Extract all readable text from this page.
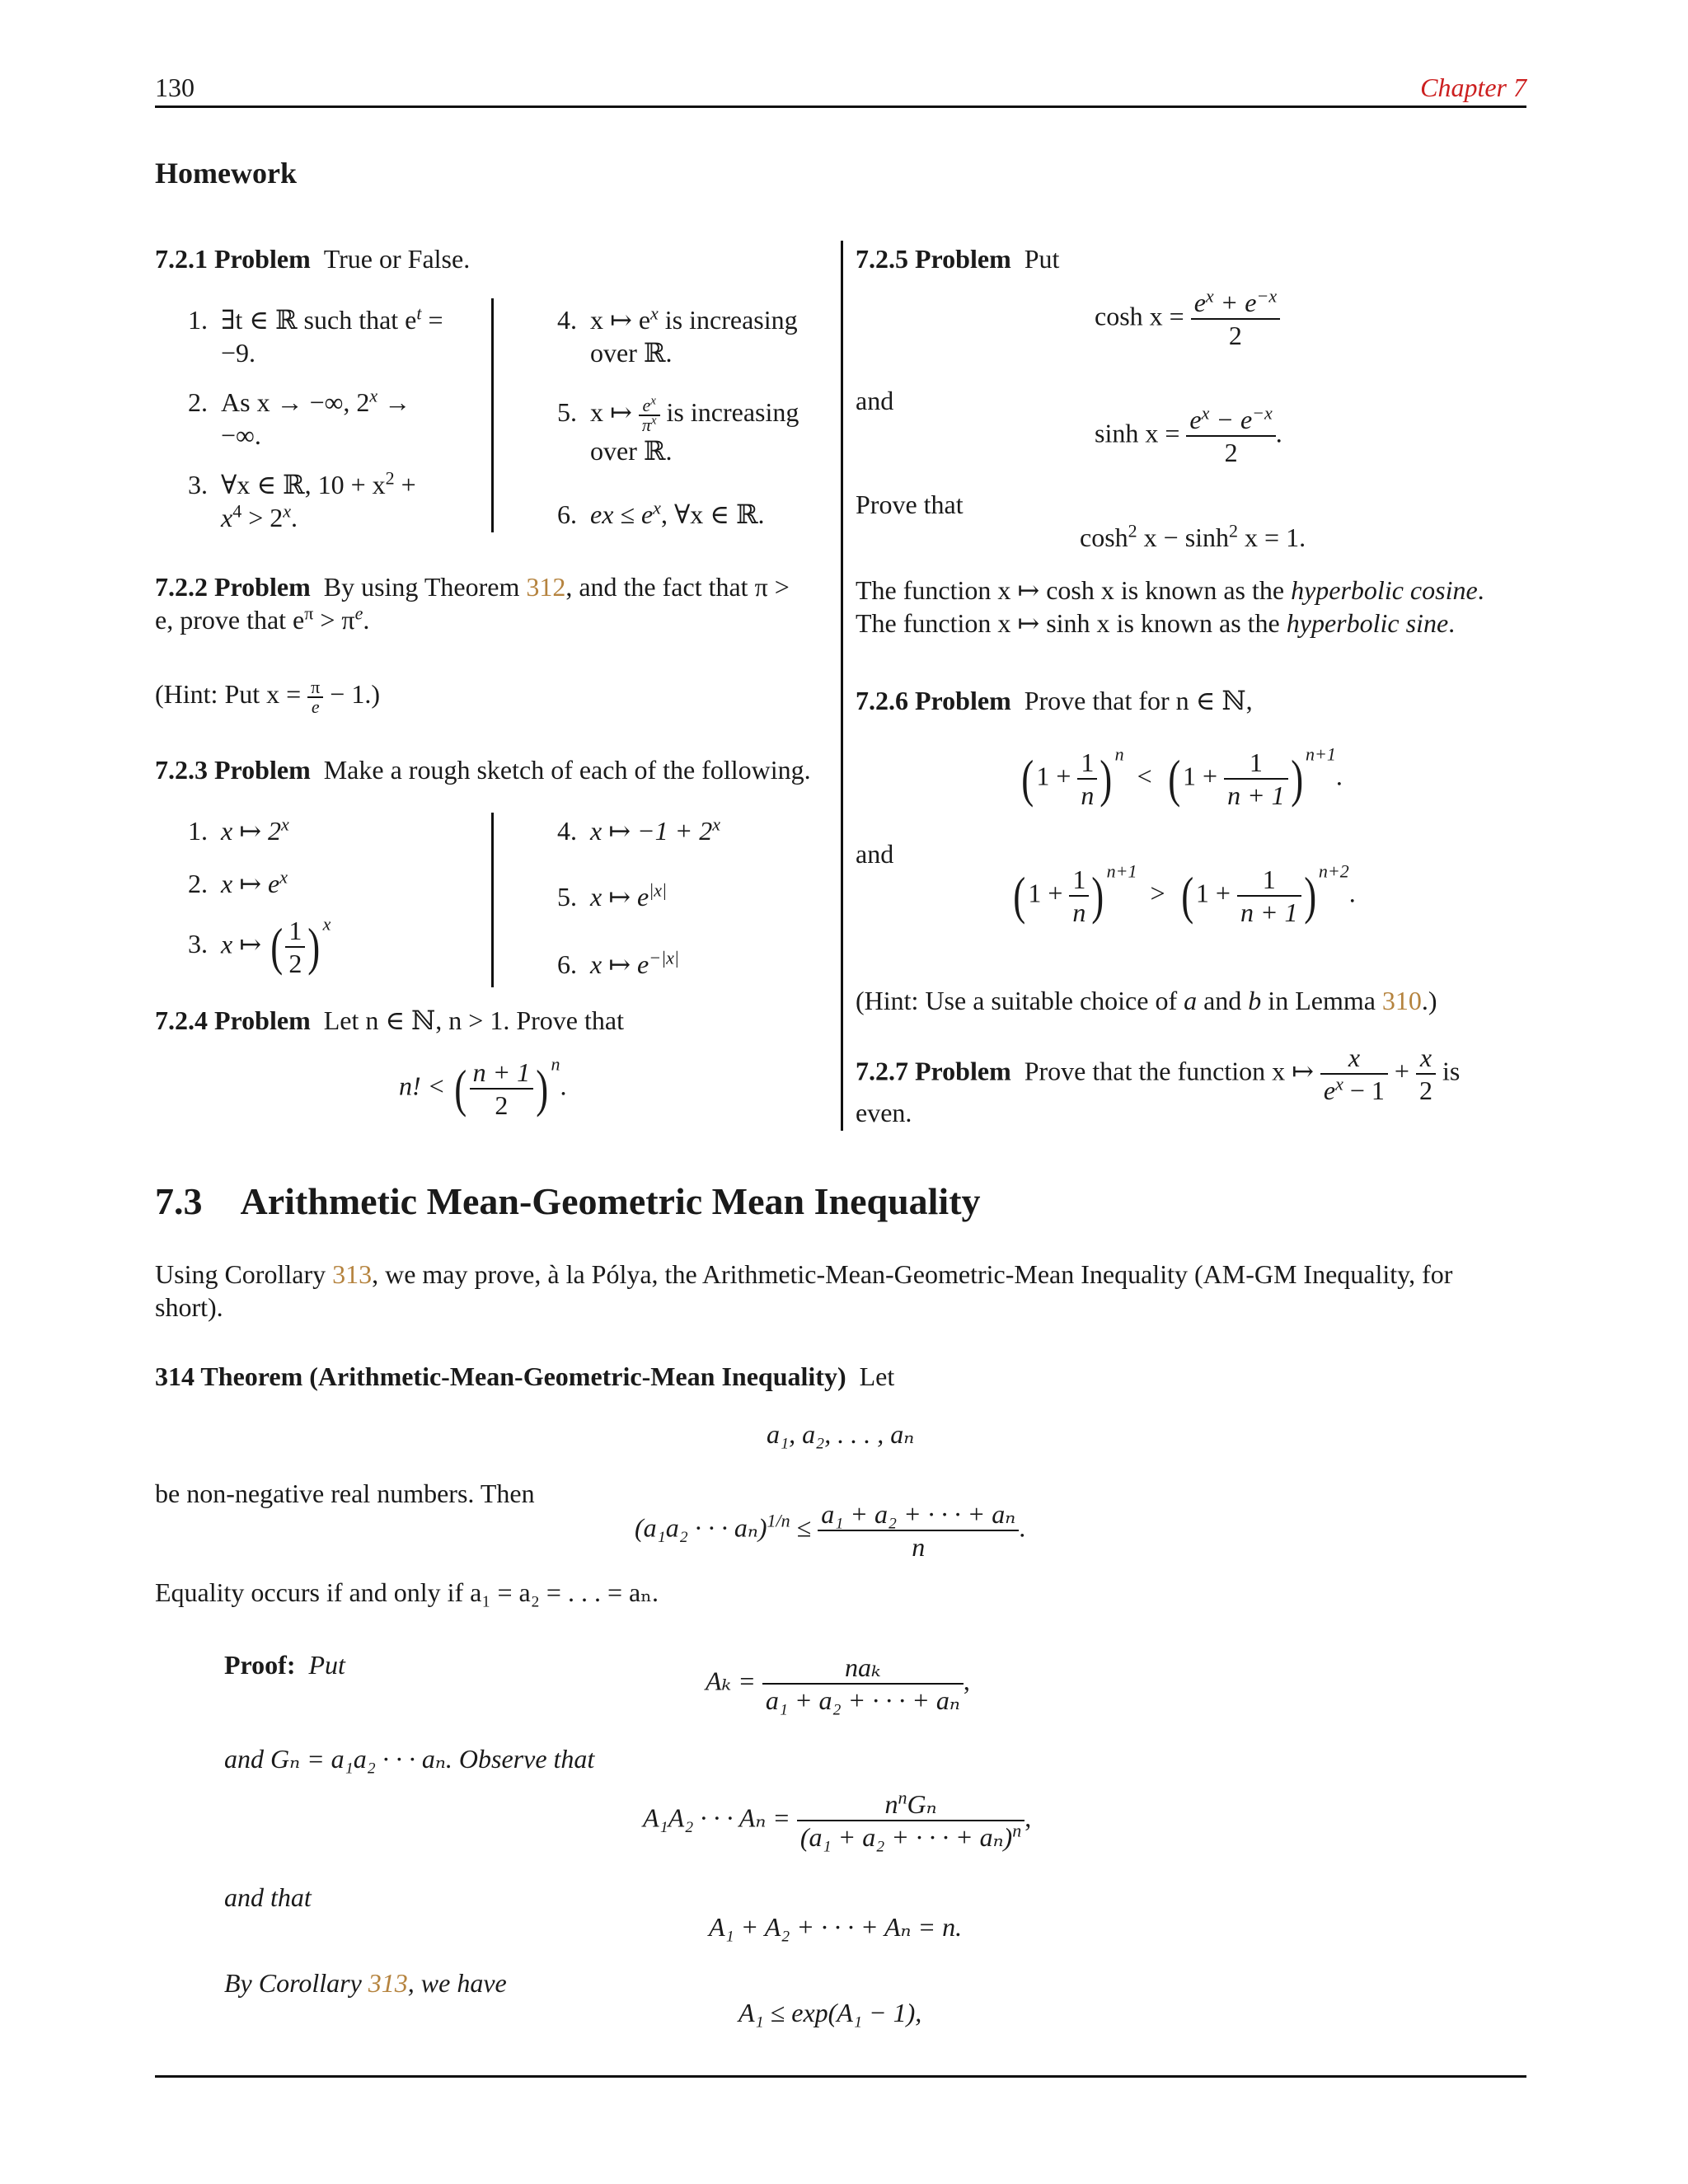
130	Chapter 7
Homework
7.2.1 Problem True or False.
1. ∃t ∈ ℝ such that $e^t$ =
−9.
2. As x → −∞, $2^x$ →
−∞.
3. ∀x ∈ ℝ, $10 + x^2$ +
$x^4 > 2^x$.
4. x ↦ $e^x$ is increasing
over ℝ.
5. x ↦ $\frac{e^x}{\pi^x}$ is increasing
over ℝ.
6. ex ≤ $e^x$, ∀x ∈ ℝ.
7.2.2 Problem By using Theorem 312, and the fact that π >
e, prove that $e^\pi > \pi^e$.
(Hint: Put $x = \frac{\pi}{e} - 1$.)
7.2.3 Problem Make a rough sketch of each of the following.
1. x ↦ 2$^x$
2. x ↦ $e^x$
3. x ↦ ( $\frac{1}{2}$ ) $^x$
4. x ↦ $-1 + 2^x$
5. x ↦ $e^{|x|}$
6. x ↦ $e^{-|x|}$
7.2.4 Problem Let n ∈ ℕ, n > 1. Prove that
n! < ( $\frac{n + 1}{2}$ ) $^n$.
7.2.5 Problem Put
$\cosh x = \frac{e^x + e^{-x}}{2}$
and
$\sinh x = \frac{e^x - e^{-x}}{2}$ .
Prove that
$\cosh^2 x - \sinh^2 x = 1$.
The function x ↦ cosh x is known as the hyperbolic cosine.
The function x ↦ sinh x is known as the hyperbolic sine.
7.2.6 Problem Prove that for n ∈ ℕ,
($1 + \frac{1}{n}$ ) $^n < (1 + \frac{1}{n + 1}$ ) $^{n+1}$.
and
($1 + \frac{1}{n}$ ) $^{n+1} > (1 + \frac{1}{n + 1}$ ) $^{n+2}$.
(Hint: Use a suitable choice of a and b in Lemma 310.)
7.2.7 Problem Prove that the function x ↦ $\frac{x}{e^x - 1} + \frac{x}{2}$ is
even.
7.3 Arithmetic Mean-Geometric Mean Inequality
Using Corollary 313, we may prove, à la Pólya, the Arithmetic-Mean-Geometric-Mean Inequality (AM-GM Inequality, for
short).
314 Theorem (Arithmetic-Mean-Geometric-Mean Inequality) Let
a₁, a₂, . . . , aₙ
be non-negative real numbers. Then
(a₁a₂ · · · $a_n)^{1/n} \le \frac{\text{a₁ + a₂ + · · · + aₙ}}{n}$ .
Equality occurs if and only if a₁ = a₂ = . . . = aₙ.
Proof: Put
$A_k = \frac{\text{naₖ}}{\text{a₁ + a₂ + · · · + aₙ}}$ ,
and Gₙ = a₁a₂ · · · aₙ. Observe that
A₁A₂ · · · $A_n = \frac{n^nG_n}{(a_1 + a_2 + \cdot \cdot \cdot + a_n)^n}$ ,
and that
A₁ + A₂ + · · · + Aₙ = n.
By Corollary 313, we have
A₁ ≤ exp(A₁ − 1),
